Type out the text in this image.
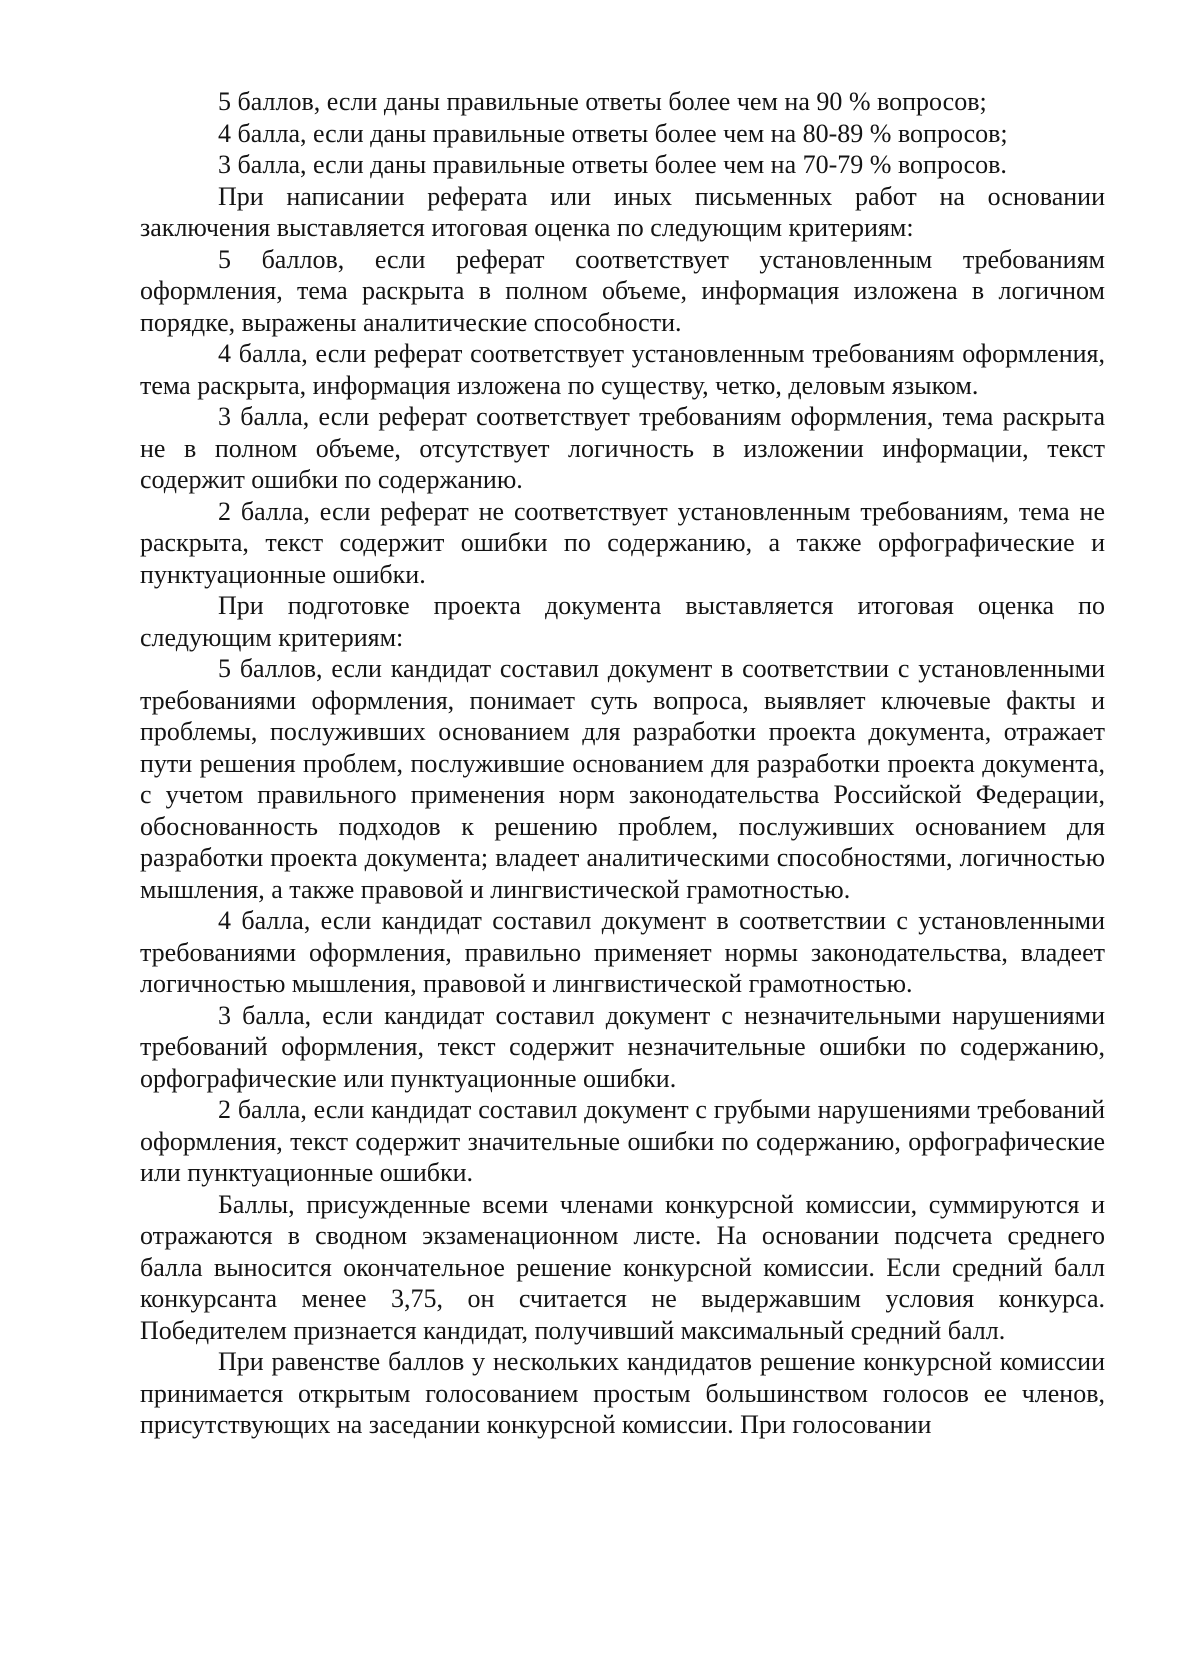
5 баллов, если даны правильные ответы более чем на 90 % вопросов;

4 балла, если даны правильные ответы более чем на 80-89 % вопросов;

3 балла, если даны правильные ответы более чем на 70-79 % вопросов.

При написании реферата или иных письменных работ на основании заключения выставляется итоговая оценка по следующим критериям:

5 баллов, если реферат соответствует установленным требованиям оформления, тема раскрыта в полном объеме, информация изложена в логичном порядке, выражены аналитические способности.

4 балла, если реферат соответствует установленным требованиям оформления, тема раскрыта, информация изложена по существу, четко, деловым языком.

3 балла, если реферат соответствует требованиям оформления, тема раскрыта не в полном объеме, отсутствует логичность в изложении информации, текст содержит ошибки по содержанию.

2 балла, если реферат не соответствует установленным требованиям, тема не раскрыта, текст содержит ошибки по содержанию, а также орфографические и пунктуационные ошибки.

При подготовке проекта документа выставляется итоговая оценка по следующим критериям:

5 баллов, если кандидат составил документ в соответствии с установленными требованиями оформления, понимает суть вопроса, выявляет ключевые факты и проблемы, послуживших основанием для разработки проекта документа, отражает пути решения проблем, послужившие основанием для разработки проекта документа, с учетом правильного применения норм законодательства Российской Федерации, обоснованность подходов к решению проблем, послуживших основанием для разработки проекта документа; владеет аналитическими способностями, логичностью мышления, а также правовой и лингвистической грамотностью.

4 балла, если кандидат составил документ в соответствии с установленными требованиями оформления, правильно применяет нормы законодательства, владеет логичностью мышления, правовой и лингвистической грамотностью.

3 балла, если кандидат составил документ с незначительными нарушениями требований оформления, текст содержит незначительные ошибки по содержанию, орфографические или пунктуационные ошибки.

2 балла, если кандидат составил документ с грубыми нарушениями требований оформления, текст содержит значительные ошибки по содержанию, орфографические или пунктуационные ошибки.

Баллы, присужденные всеми членами конкурсной комиссии, суммируются и отражаются в сводном экзаменационном листе. На основании подсчета среднего балла выносится окончательное решение конкурсной комиссии. Если средний балл конкурсанта менее 3,75, он считается не выдержавшим условия конкурса. Победителем признается кандидат, получивший максимальный средний балл.

При равенстве баллов у нескольких кандидатов решение конкурсной комиссии принимается открытым голосованием простым большинством голосов ее членов, присутствующих на заседании конкурсной комиссии. При голосовании
